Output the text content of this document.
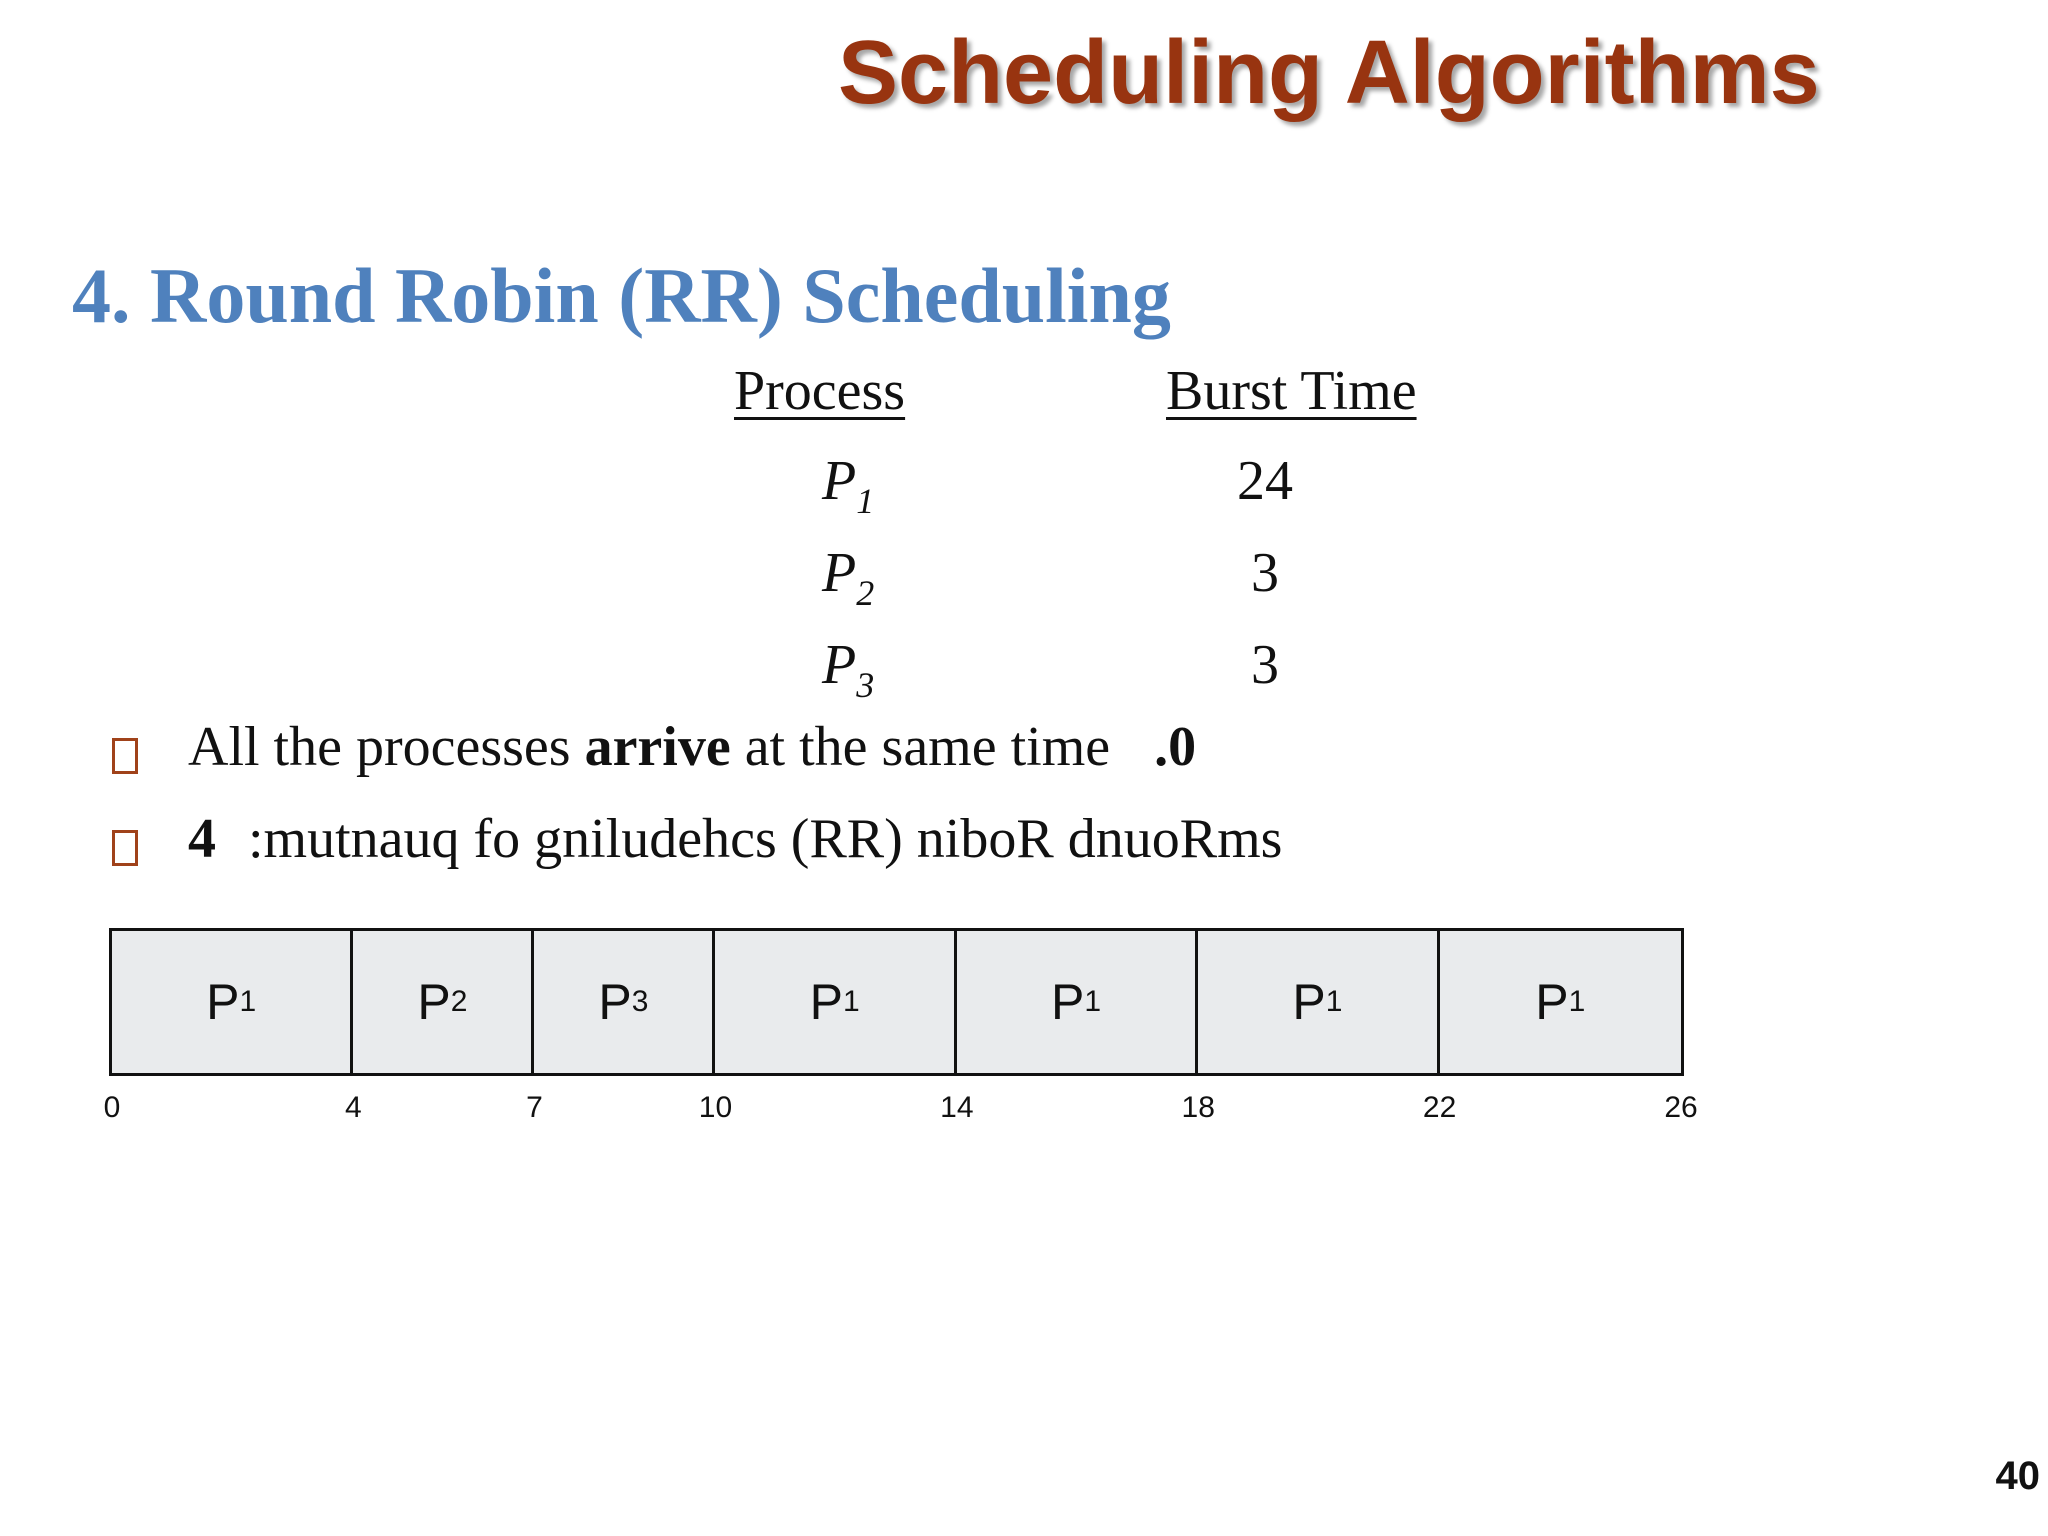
Scheduling Algorithms
4. Round Robin (RR) Scheduling
Process	Burst Time
$P_1$	24
$P_2$	3
$P_3$	3
All the processes arrive at the same time .0
4 :mutnauq fo gniludehcs (RR) niboR dnuoRms
P 1	P 2	P 3	P 1	P 1	P 1	P 1
0	4	7	10	14	18	22	26
40
